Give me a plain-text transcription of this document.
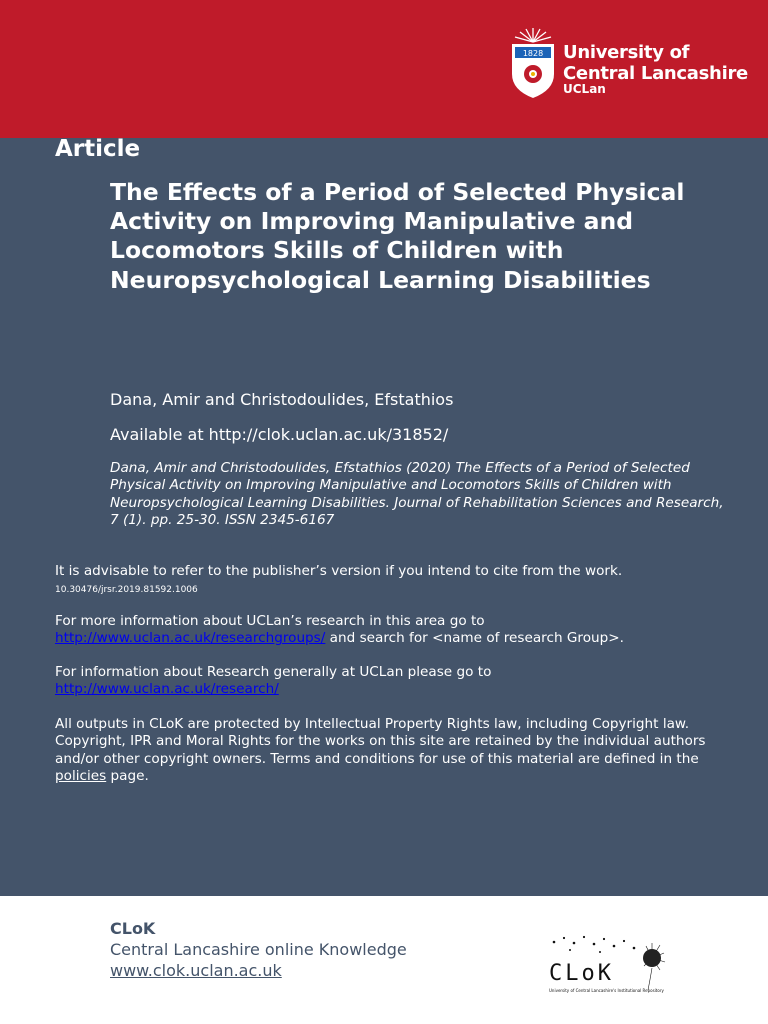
1828 University of
Central Lancashire
UCLan
Article
The Effects of a Period of Selected Physical Activity on Improving Manipulative and Locomotors Skills of Children with Neuropsychological Learning Disabilities
Dana, Amir and Christodoulides, Efstathios
Available at http://clok.uclan.ac.uk/31852/
Dana, Amir and Christodoulides, Efstathios (2020) The Effects of a Period of Selected Physical Activity on Improving Manipulative and Locomotors Skills of Children with Neuropsychological Learning Disabilities. Journal of Rehabilitation Sciences and Research, 7 (1). pp. 25-30. ISSN 2345-6167
It is advisable to refer to the publisher’s version if you intend to cite from the work.
10.30476/jrsr.2019.81592.1006
For more information about UCLan’s research in this area go to
http://www.uclan.ac.uk/researchgroups/ and search for <name of research Group>.
For information about Research generally at UCLan please go to
http://www.uclan.ac.uk/research/
All outputs in CLoK are protected by Intellectual Property Rights law, including Copyright law. Copyright, IPR and Moral Rights for the works on this site are retained by the individual authors and/or other copyright owners. Terms and conditions for use of this material are defined in the policies page.
CLoK
Central Lancashire online Knowledge
www.clok.uclan.ac.uk	CLoK
University of Central Lancashire's Institutional Repository
